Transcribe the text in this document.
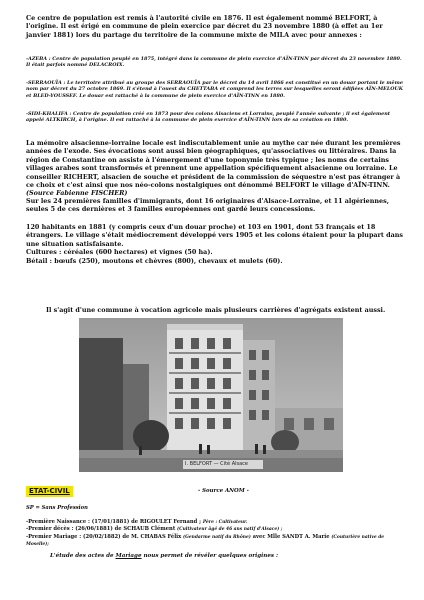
Ce centre de population est remis à l'autorité civile en 1876. Il est également nommé BELFORT, à l'origine. Il est érigé en commune de plein exercice par décret du 23 novembre 1880 (à effet au 1er janvier 1881) lors du partage du territoire de la commune mixte de MILA avec pour annexes :

-AZEBA : Centre de population peuplé en 1875, intégré dans la commune de plein exercice d'AÏN-TINN par décret du 23 novembre 1880. Il était parfois nommé DELACROIX.

-SERRAOUÏA : Le territoire attribué au groupe des SERRAOUÏA par le décret du 14 avril 1866 est constitué en un douar portant le même nom par décret du 27 octobre 1869. Il s'étend à l'ouest du CHETTABA et comprend les terres sur lesquelles seront édifiées AÏN-MELOUK et BLED-YOUSSEF. Le douar est rattaché à la commune de plein exercice d'AÏN-TINN en 1880.

-SIDI-KHALIFA : Centre de population créé en 1873 pour des colons Alsaciens et Lorrains, peuplé l'année suivante ; il est également appelé ALTKIRCH, à l'origine. Il est rattaché à la commune de plein exercice d'AÏN-TINN lors de sa création en 1880.

La mémoire alsacienne-lorraine locale est indiscutablement unie au mythe car née durant les premières années de l'exode. Ses évocations sont aussi bien géographiques, qu'associatives ou littéraires. Dans la région de Constantine on assiste à l'émergement d'une toponymie très typique ; les noms de certains villages arabes sont transformés et prennent une appellation spécifiquement alsacienne ou lorraine. Le conseiller RICHERT, alsacien de souche et président de la commission de séquestre n'est pas étranger à ce choix et c'est ainsi que nos néo-colons nostalgiques ont dénommé BELFORT le village d'AÏN-TINN. (Source Fabienne FISCHER)

Sur les 24 premières familles d'immigrants, dont 16 originaires d'Alsace-Lorraine, et 11 algériennes, seules 5 de ces dernières et 3 familles européennes ont gardé leurs concessions.

120 habitants en 1881 (y compris ceux d'un douar proche) et 103 en 1901, dont 53 français et 18 étrangers. Le village s'était médiocrement développé vers 1905 et les colons étaient pour la plupart dans une situation satisfaisante.
Cultures : céréales (600 hectares) et vignes (50 ha).
Bétail : bœufs (250), moutons et chèvres (800), chevaux et mulets (60).

Il s'agit d'une commune à vocation agricole mais plusieurs carrières d'agrégats existent aussi.

I. BELFORT — Cité Alsace
ETAT-CIVIL	- Source ANOM -

SP = Sans Profession

-Première Naissance : (17/01/1881) de RIGOULET Fernand ; Père : Cultivateur.
-Premier décès : (26/06/1881) de SCHAUB Clément (Cultivateur âgé de 46 ans natif d'Alsace) ;
-Premier Mariage : (20/02/1882) de M. CHABAS Félix (Gendarme natif du Rhône) avec Mlle SANDT A. Marie (Couturière native de Moselle);

L'étude des actes de Mariage nous permet de révéler quelques origines :
